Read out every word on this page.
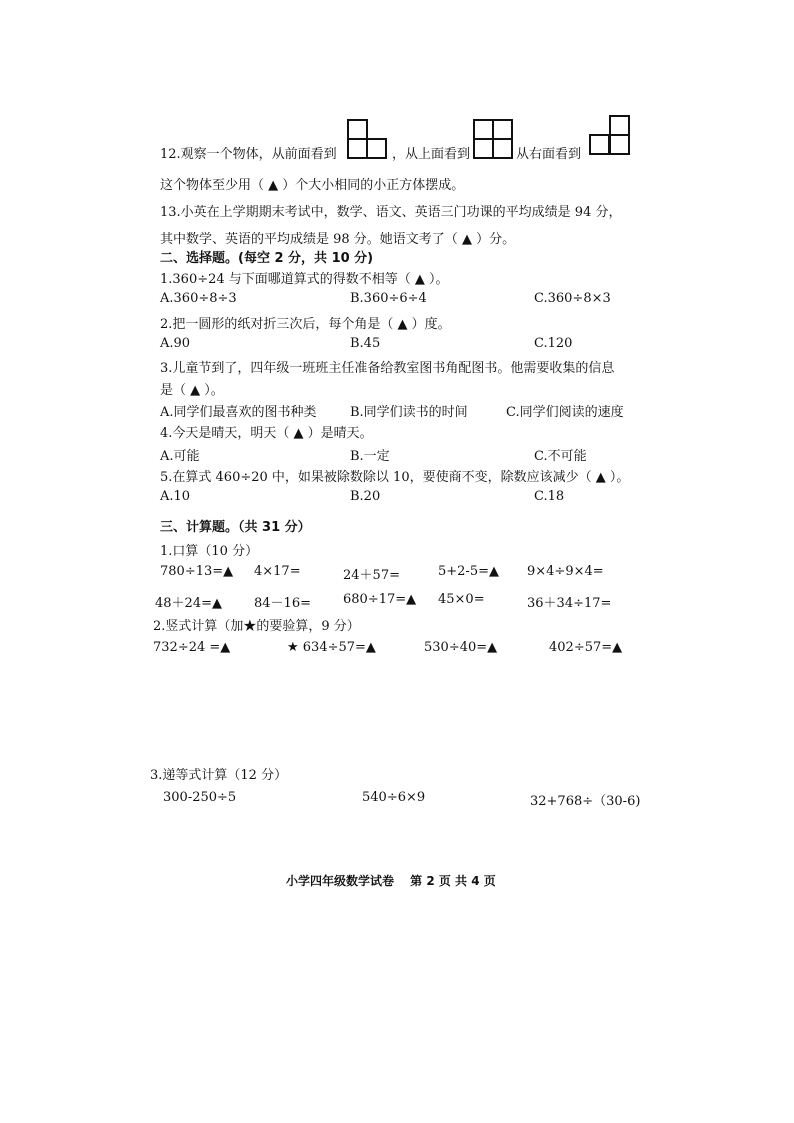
12.观察一个物体，从前面看到	，从上面看到	从右面看到
这个物体至少用（ ▲ ）个大小相同的小正方体摆成。
13.小英在上学期期末考试中，数学、语文、英语三门功课的平均成绩是 94 分，
其中数学、英语的平均成绩是 98 分。她语文考了（ ▲ ）分。
二、选择题。(每空 2 分，共 10 分)
1.360÷24 与下面哪道算式的得数不相等（ ▲ ）。
A.360÷8÷3	B.360÷6÷4	C.360÷8×3
2.把一圆形的纸对折三次后，每个角是（ ▲ ）度。
A.90	B.45	C.120
3.儿童节到了，四年级一班班主任准备给教室图书角配图书。他需要收集的信息
是（ ▲ ）。
A.同学们最喜欢的图书种类	B.同学们读书的时间	C.同学们阅读的速度
4.今天是晴天，明天（ ▲ ）是晴天。
A.可能	B.一定	C.不可能
5.在算式 460÷20 中，如果被除数除以 10，要使商不变，除数应该减少（ ▲ ）。
A.10	B.20	C.18
三、计算题。（共 31 分）
1.口算（10 分）
780÷13=▲ 4×17=	24＋57=	5+2-5=▲ 9×4÷9×4=
48＋24=▲ 84－16= 680÷17=▲ 45×0=	36＋34÷17=
2.竖式计算（加★的要验算，9 分）
732÷24 =▲	★ 634÷57=▲	530÷40=▲	402÷57=▲
3.递等式计算（12 分）
300-250÷5	540÷6×9	32+768÷（30-6)
小学四年级数学试卷　 第 2 页 共 4 页
